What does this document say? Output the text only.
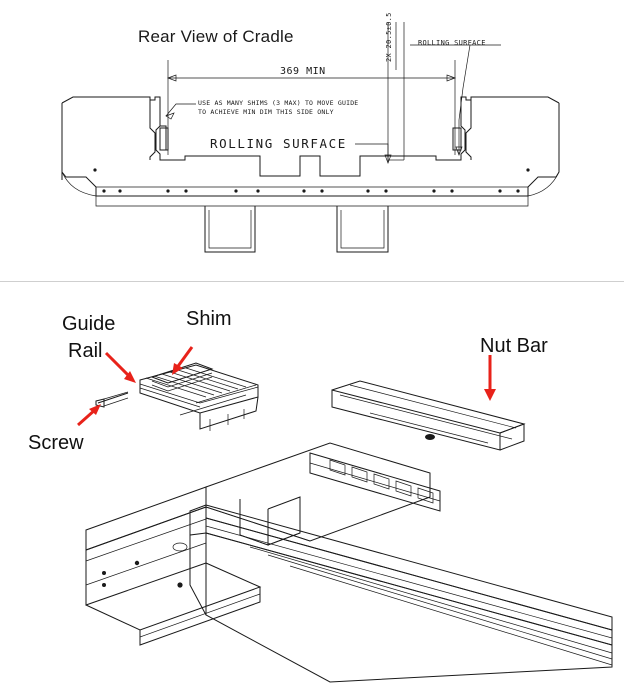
Rear View of Cradle
369 MIN
2X 20.5±0.5	ROLLING SURFACE
ROLLING SURFACE
USE AS MANY SHIMS (3 MAX) TO MOVE GUIDE
TO ACHIEVE MIN DIM THIS SIDE ONLY
Guide
Rail
Shim
Screw
Nut Bar
